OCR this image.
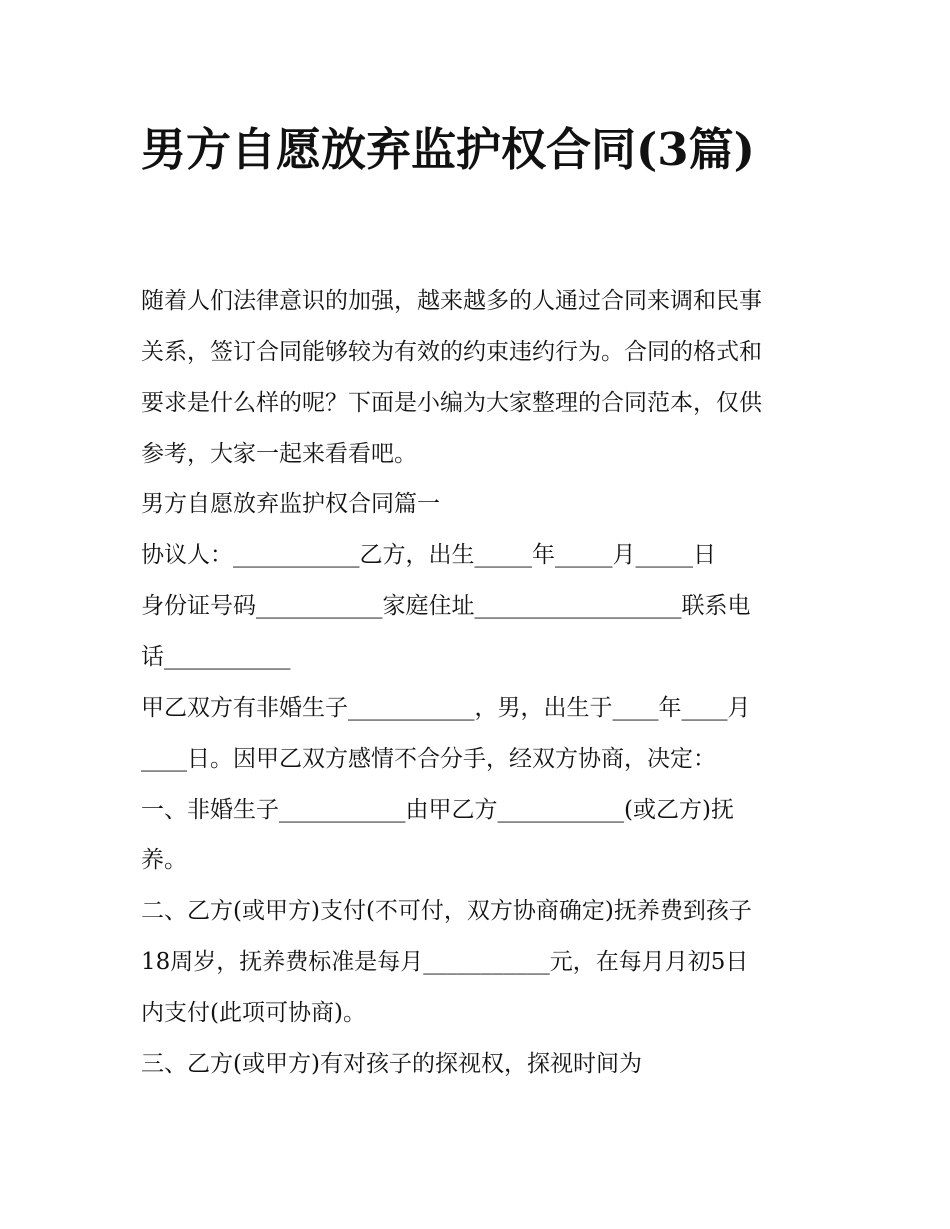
男方自愿放弃监护权合同(3篇)
随着人们法律意识的加强，越来越多的人通过合同来调和民事
关系，签订合同能够较为有效的约束违约行为。合同的格式和
要求是什么样的呢？下面是小编为大家整理的合同范本，仅供
参考，大家一起来看看吧。
男方自愿放弃监护权合同篇一
协议人：___________乙方，出生_____年_____月_____日
身份证号码___________家庭住址__________________联系电
话___________
甲乙双方有非婚生子___________，男，出生于____年____月
____日。因甲乙双方感情不合分手，经双方协商，决定：
一、非婚生子___________由甲乙方___________(或乙方)抚
养。
二、乙方(或甲方)支付(不可付，双方协商确定)抚养费到孩子
18周岁，抚养费标准是每月___________元，在每月月初5日
内支付(此项可协商)。
三、乙方(或甲方)有对孩子的探视权，探视时间为
